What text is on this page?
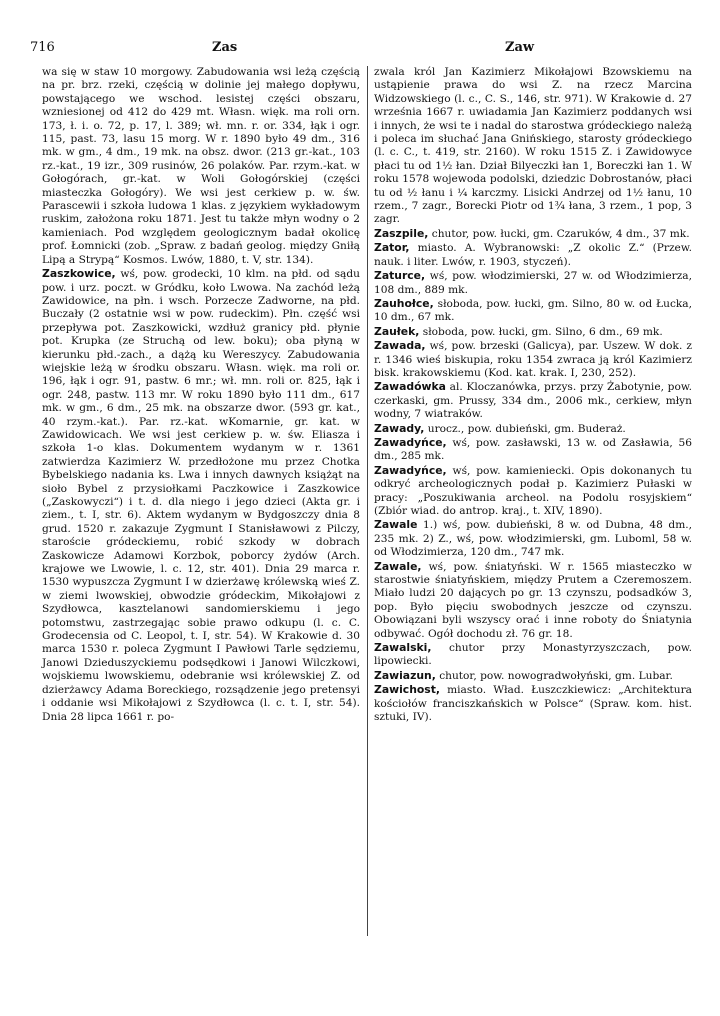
716	Zas	Zaw

wa się w staw 10 morgowy. Zabudowania wsi leżą częścią na pr. brz. rzeki, częścią w dolinie jej małego dopływu, powstającego we wschod. lesistej części obszaru, wzniesionej od 412 do 429 mt. Własn. więk. ma roli orn. 173, ł. i. o. 72, p. 17, l. 389; wł. mn. r. or. 334, łąk i ogr. 115, past. 73, lasu 15 morg. W r. 1890 było 49 dm., 316 mk. w gm., 4 dm., 19 mk. na obsz. dwor. (213 gr.-kat., 103 rz.-kat., 19 izr., 309 rusinów, 26 polaków. Par. rzym.-kat. w Gołogórach, gr.-kat. w Woli Gołogórskiej (części miasteczka Gołogóry). We wsi jest cerkiew p. w. św. Parascewii i szkoła ludowa 1 klas. z językiem wykładowym ruskim, założona roku 1871. Jest tu także młyn wodny o 2 kamieniach. Pod względem geologicznym badał okolicę prof. Łomnicki (zob. „Spraw. z badań geolog. między Gniłą Lipą a Strypą“ Kosmos. Lwów, 1880, t. V, str. 134).

Zaszkowice, wś, pow. grodecki, 10 klm. na płd. od sądu pow. i urz. poczt. w Gródku, koło Lwowa. Na zachód leżą Zawidowice, na płn. i wsch. Porzecze Zadworne, na płd. Buczały (2 ostatnie wsi w pow. rudeckim). Płn. część wsi przepływa pot. Zaszkowicki, wzdłuż granicy płd. płynie pot. Krupka (ze Struchą od lew. boku); oba płyną w kierunku płd.-zach., a dążą ku Wereszycy. Zabudowania wiejskie leżą w środku obszaru. Własn. więk. ma roli or. 196, łąk i ogr. 91, pastw. 6 mr.; wł. mn. roli or. 825, łąk i ogr. 248, pastw. 113 mr. W roku 1890 było 111 dm., 617 mk. w gm., 6 dm., 25 mk. na obszarze dwor. (593 gr. kat., 40 rzym.-kat.). Par. rz.-kat. wKomarnie, gr. kat. w Zawidowicach. We wsi jest cerkiew p. w. św. Eliasza i szkoła 1-o klas. Dokumentem wydanym w r. 1361 zatwierdza Kazimierz W. przedłożone mu przez Chotka Bybelskiego nadania ks. Lwa i innych dawnych książąt na sioło Bybel z przysiołkami Paczkowice i Zaszkowice („Zaskowyczi“) i t. d. dla niego i jego dzieci (Akta gr. i ziem., t. I, str. 6). Aktem wydanym w Bydgoszczy dnia 8 grud. 1520 r. zakazuje Zygmunt I Stanisławowi z Pilczy, staroście gródeckiemu, robić szkody w dobrach Zaskowicze Adamowi Korzbok, poborcy żydów (Arch. krajowe we Lwowie, l. c. 12, str. 401). Dnia 29 marca r. 1530 wypuszcza Zygmunt I w dzierżawę królewską wieś Z. w ziemi lwowskiej, obwodzie gródeckim, Mikołajowi z Szydłowca, kasztelanowi sandomierskiemu i jego potomstwu, zastrzegając sobie prawo odkupu (l. c. C. Grodecensia od C. Leopol, t. I, str. 54). W Krakowie d. 30 marca 1530 r. poleca Zygmunt I Pawłowi Tarle sędziemu, Janowi Dzieduszyckiemu podsędkowi i Janowi Wilczkowi, wojskiemu lwowskiemu, odebranie wsi królewskiej Z. od dzierżawcy Adama Boreckiego, rozsądzenie jego pretensyi i oddanie wsi Mikołajowi z Szydłowca (l. c. t. I, str. 54). Dnia 28 lipca 1661 r. po-

zwala król Jan Kazimierz Mikołajowi Bzowskiemu na ustąpienie prawa do wsi Z. na rzecz Marcina Widzowskiego (l. c., C. S., 146, str. 971). W Krakowie d. 27 września 1667 r. uwiadamia Jan Kazimierz poddanych wsi i innych, że wsi te i nadal do starostwa gródeckiego należą i poleca im słuchać Jana Gnińskiego, starosty gródeckiego (l. c. C., t. 419, str. 2160). W roku 1515 Z. i Zawidowyce płaci tu od 1½ łan. Dział Bilyeczki łan 1, Boreczki łan 1. W roku 1578 wojewoda podolski, dziedzic Dobrostanów, płaci tu od ½ łanu i ¼ karczmy. Lisicki Andrzej od 1½ łanu, 10 rzem., 7 zagr., Borecki Piotr od 1¾ łana, 3 rzem., 1 pop, 3 zagr.

Zaszpile, chutor, pow. łucki, gm. Czaruków, 4 dm., 37 mk.

Zator, miasto. A. Wybranowski: „Z okolic Z.“ (Przew. nauk. i liter. Lwów, r. 1903, styczeń).

Zaturce, wś, pow. włodzimierski, 27 w. od Włodzimierza, 108 dm., 889 mk.

Zauhołce, słoboda, pow. łucki, gm. Silno, 80 w. od Łucka, 10 dm., 67 mk.

Zaułek, słoboda, pow. łucki, gm. Silno, 6 dm., 69 mk.

Zawada, wś, pow. brzeski (Galicya), par. Uszew. W dok. z r. 1346 wieś biskupia, roku 1354 zwraca ją król Kazimierz bisk. krakowskiemu (Kod. kat. krak. I, 230, 252).

Zawadówka al. Kloczanówka, przys. przy Żabotynie, pow. czerkaski, gm. Prussy, 334 dm., 2006 mk., cerkiew, młyn wodny, 7 wiatraków.

Zawady, urocz., pow. dubieński, gm. Buderaż.

Zawadyńce, wś, pow. zasławski, 13 w. od Zasławia, 56 dm., 285 mk.

Zawadyńce, wś, pow. kamieniecki. Opis dokonanych tu odkryć archeologicznych podał p. Kazimierz Pułaski w pracy: „Poszukiwania archeol. na Podolu rosyjskiem“ (Zbiór wiad. do antrop. kraj., t. XIV, 1890).

Zawale 1.) wś, pow. dubieński, 8 w. od Dubna, 48 dm., 235 mk. 2) Z., wś, pow. włodzimierski, gm. Luboml, 58 w. od Włodzimierza, 120 dm., 747 mk.

Zawale, wś, pow. śniatyński. W r. 1565 miasteczko w starostwie śniatyńskiem, między Prutem a Czeremoszem. Miało ludzi 20 dających po gr. 13 czynszu, podsadków 3, pop. Było pięciu swobodnych jeszcze od czynszu. Obowiązani byli wszyscy orać i inne roboty do Śniatynia odbywać. Ogół dochodu zł. 76 gr. 18.

Zawalski, chutor przy Monastyrzyszczach, pow. lipowiecki.

Zawiazun, chutor, pow. nowogradwołyński, gm. Lubar.

Zawichost, miasto. Wład. Łuszczkiewicz: „Architektura kościołów franciszkańskich w Polsce“ (Spraw. kom. hist. sztuki, IV).
